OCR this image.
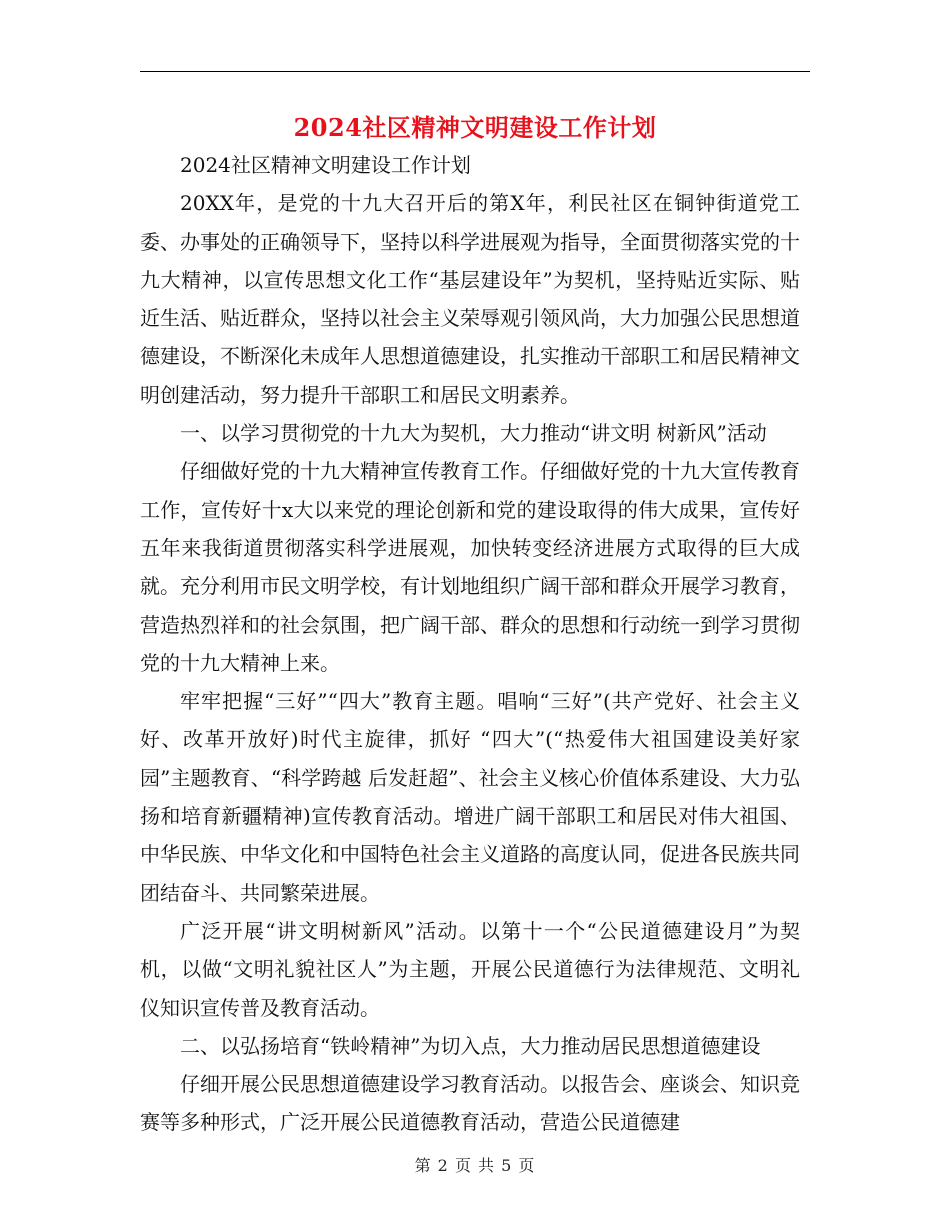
2024社区精神文明建设工作计划

2024社区精神文明建设工作计划

20XX年，是党的十九大召开后的第X年，利民社区在铜钟街道党工委、办事处的正确领导下，坚持以科学进展观为指导，全面贯彻落实党的十九大精神，以宣传思想文化工作“基层建设年”为契机，坚持贴近实际、贴近生活、贴近群众，坚持以社会主义荣辱观引领风尚，大力加强公民思想道德建设，不断深化未成年人思想道德建设，扎实推动干部职工和居民精神文明创建活动，努力提升干部职工和居民文明素养。

一、以学习贯彻党的十九大为契机，大力推动“讲文明 树新风”活动

仔细做好党的十九大精神宣传教育工作。仔细做好党的十九大宣传教育工作，宣传好十x大以来党的理论创新和党的建设取得的伟大成果，宣传好五年来我街道贯彻落实科学进展观，加快转变经济进展方式取得的巨大成就。充分利用市民文明学校，有计划地组织广阔干部和群众开展学习教育，营造热烈祥和的社会氛围，把广阔干部、群众的思想和行动统一到学习贯彻党的十九大精神上来。

牢牢把握“三好”“四大”教育主题。唱响“三好”(共产党好、社会主义好、改革开放好)时代主旋律，抓好 “四大”(“热爱伟大祖国建设美好家园”主题教育、“科学跨越 后发赶超”、社会主义核心价值体系建设、大力弘扬和培育新疆精神)宣传教育活动。增进广阔干部职工和居民对伟大祖国、中华民族、中华文化和中国特色社会主义道路的高度认同，促进各民族共同团结奋斗、共同繁荣进展。

广泛开展“讲文明树新风”活动。以第十一个“公民道德建设月”为契机，以做“文明礼貌社区人”为主题，开展公民道德行为法律规范、文明礼仪知识宣传普及教育活动。

二、以弘扬培育“铁岭精神”为切入点，大力推动居民思想道德建设

仔细开展公民思想道德建设学习教育活动。以报告会、座谈会、知识竞赛等多种形式，广泛开展公民道德教育活动，营造公民道德建

第 2 页 共 5 页
